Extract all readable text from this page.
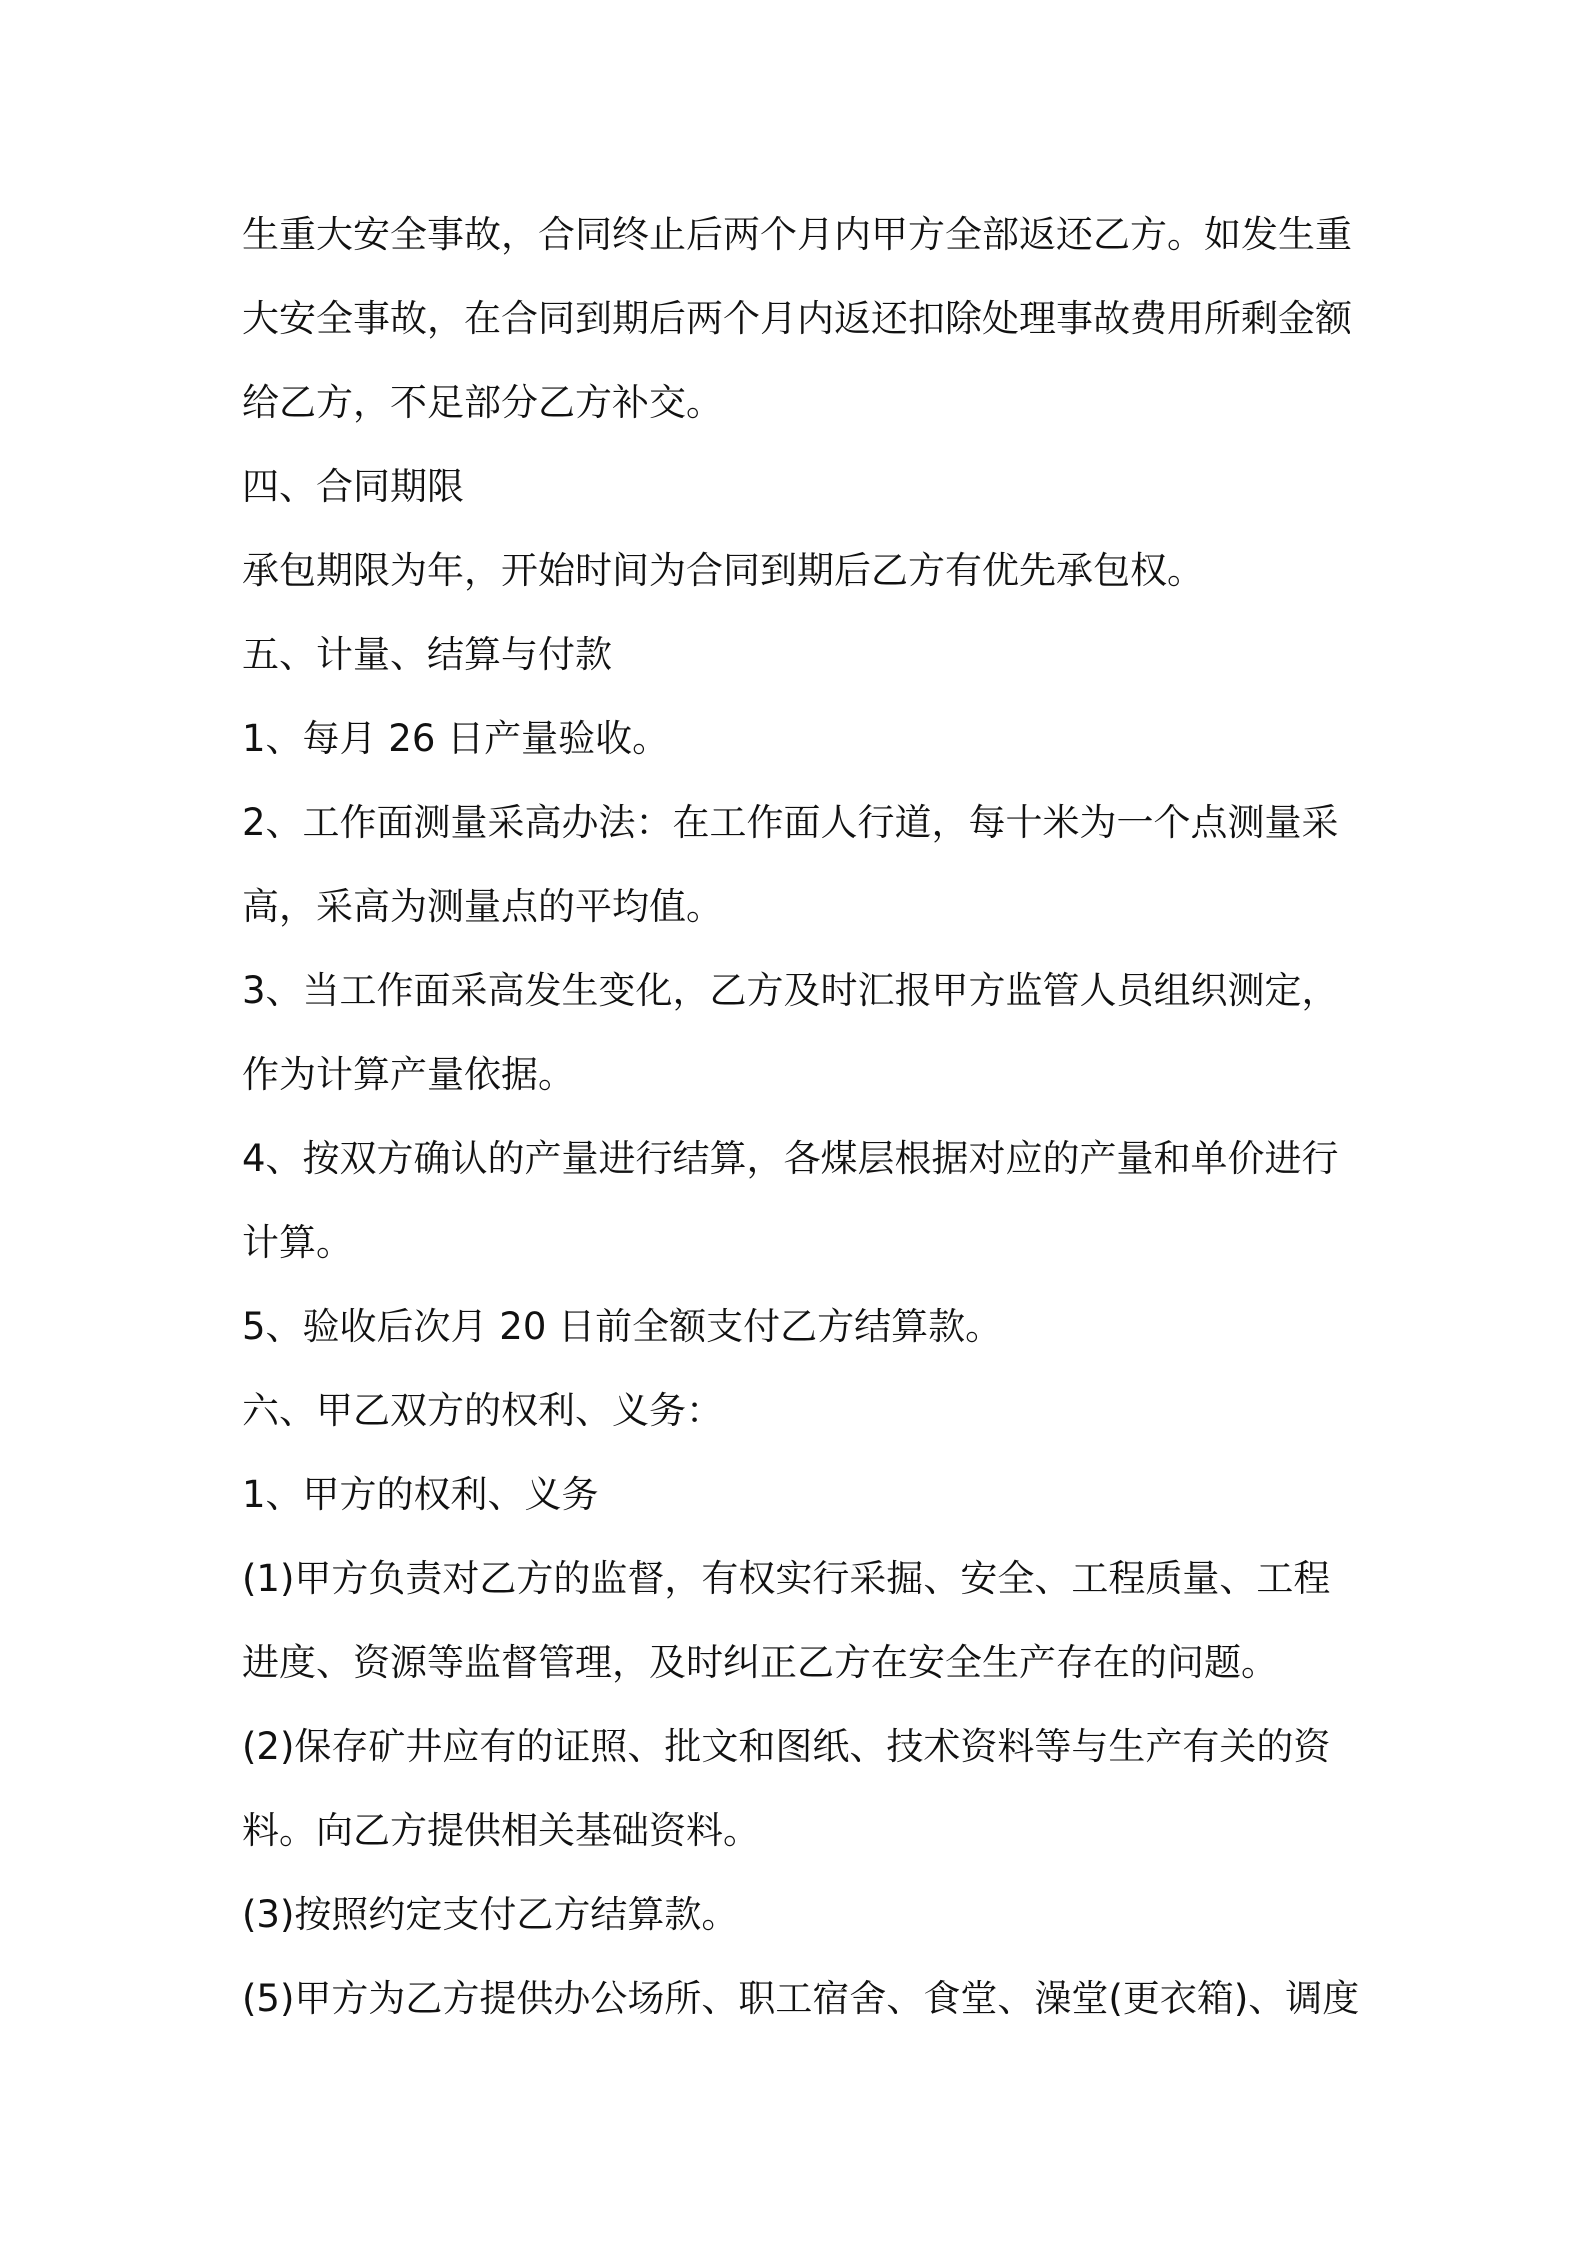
生重大安全事故，合同终止后两个月内甲方全部返还乙方。如发生重
大安全事故，在合同到期后两个月内返还扣除处理事故费用所剩金额
给乙方，不足部分乙方补交。
四、合同期限
承包期限为年，开始时间为合同到期后乙方有优先承包权。
五、计量、结算与付款
1、每月 26 日产量验收。
2、工作面测量采高办法：在工作面人行道，每十米为一个点测量采
高，采高为测量点的平均值。
3、当工作面采高发生变化，乙方及时汇报甲方监管人员组织测定，
作为计算产量依据。
4、按双方确认的产量进行结算，各煤层根据对应的产量和单价进行
计算。
5、验收后次月 20 日前全额支付乙方结算款。
六、甲乙双方的权利、义务：
1、甲方的权利、义务
(1)甲方负责对乙方的监督，有权实行采掘、安全、工程质量、工程
进度、资源等监督管理，及时纠正乙方在安全生产存在的问题。
(2)保存矿井应有的证照、批文和图纸、技术资料等与生产有关的资
料。向乙方提供相关基础资料。
(3)按照约定支付乙方结算款。
(5)甲方为乙方提供办公场所、职工宿舍、食堂、澡堂(更衣箱)、调度
